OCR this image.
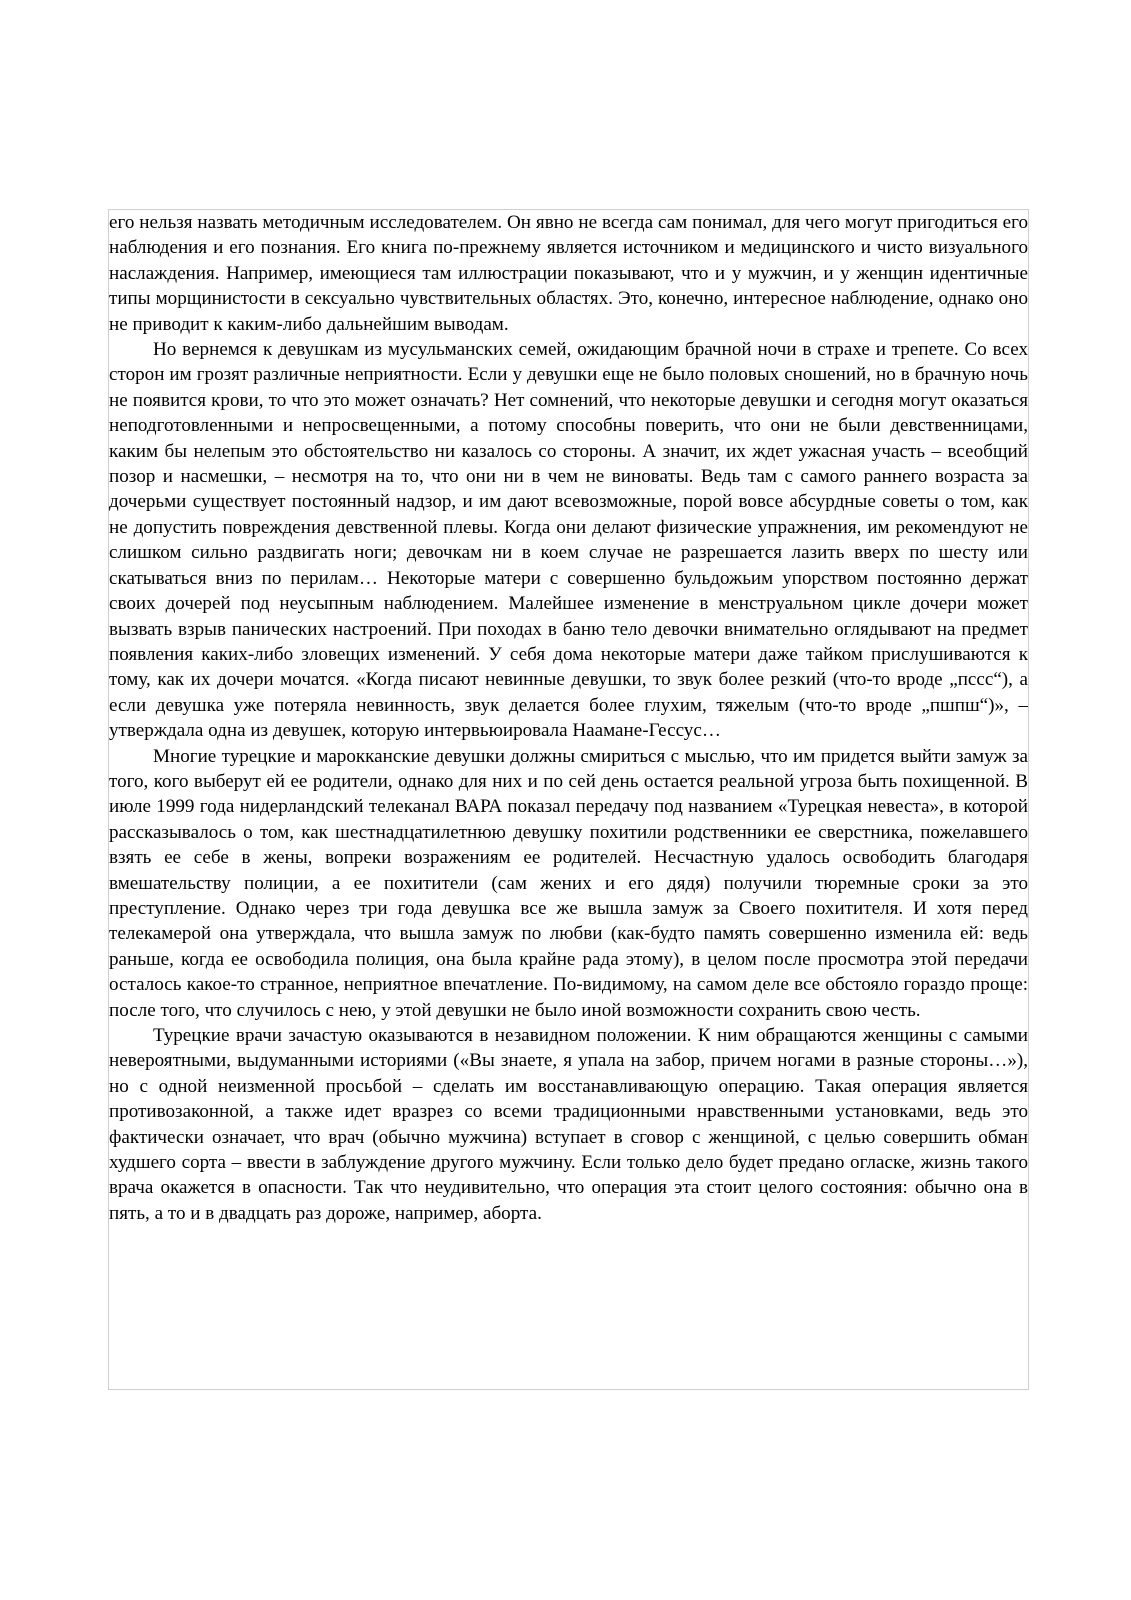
его нельзя назвать методичным исследователем. Он явно не всегда сам понимал, для чего могут пригодиться его наблюдения и его познания. Его книга по-прежнему является источником и медицинского и чисто визуального наслаждения. Например, имеющиеся там иллюстрации показывают, что и у мужчин, и у женщин идентичные типы морщинистости в сексуально чувствительных областях. Это, конечно, интересное наблюдение, однако оно не приводит к каким-либо дальнейшим выводам.

Но вернемся к девушкам из мусульманских семей, ожидающим брачной ночи в страхе и трепете. Со всех сторон им грозят различные неприятности. Если у девушки еще не было половых сношений, но в брачную ночь не появится крови, то что это может означать? Нет сомнений, что некоторые девушки и сегодня могут оказаться неподготовленными и непросвещенными, а потому способны поверить, что они не были девственницами, каким бы нелепым это обстоятельство ни казалось со стороны. А значит, их ждет ужасная участь – всеобщий позор и насмешки, – несмотря на то, что они ни в чем не виноваты. Ведь там с самого раннего возраста за дочерьми существует постоянный надзор, и им дают всевозможные, порой вовсе абсурдные советы о том, как не допустить повреждения девственной плевы. Когда они делают физические упражнения, им рекомендуют не слишком сильно раздвигать ноги; девочкам ни в коем случае не разрешается лазить вверх по шесту или скатываться вниз по перилам… Некоторые матери с совершенно бульдожьим упорством постоянно держат своих дочерей под неусыпным наблюдением. Малейшее изменение в менструальном цикле дочери может вызвать взрыв панических настроений. При походах в баню тело девочки внимательно оглядывают на предмет появления каких-либо зловещих изменений. У себя дома некоторые матери даже тайком прислушиваются к тому, как их дочери мочатся. «Когда писают невинные девушки, то звук более резкий (что-то вроде „пссс“), а если девушка уже потеряла невинность, звук делается более глухим, тяжелым (что-то вроде „пшпш“)», – утверждала одна из девушек, которую интервьюировала Наамане-Гессус…

Многие турецкие и марокканские девушки должны смириться с мыслью, что им придется выйти замуж за того, кого выберут ей ее родители, однако для них и по сей день остается реальной угроза быть похищенной. В июле 1999 года нидерландский телеканал ВАРА показал передачу под названием «Турецкая невеста», в которой рассказывалось о том, как шестнадцатилетнюю девушку похитили родственники ее сверстника, пожелавшего взять ее себе в жены, вопреки возражениям ее родителей. Несчастную удалось освободить благодаря вмешательству полиции, а ее похитители (сам жених и его дядя) получили тюремные сроки за это преступление. Однако через три года девушка все же вышла замуж за Своего похитителя. И хотя перед телекамерой она утверждала, что вышла замуж по любви (как-будто память совершенно изменила ей: ведь раньше, когда ее освободила полиция, она была крайне рада этому), в целом после просмотра этой передачи осталось какое-то странное, неприятное впечатление. По-видимому, на самом деле все обстояло гораздо проще: после того, что случилось с нею, у этой девушки не было иной возможности сохранить свою честь.

Турецкие врачи зачастую оказываются в незавидном положении. К ним обращаются женщины с самыми невероятными, выдуманными историями («Вы знаете, я упала на забор, причем ногами в разные стороны…»), но с одной неизменной просьбой – сделать им восстанавливающую операцию. Такая операция является противозаконной, а также идет вразрез со всеми традиционными нравственными установками, ведь это фактически означает, что врач (обычно мужчина) вступает в сговор с женщиной, с целью совершить обман худшего сорта – ввести в заблуждение другого мужчину. Если только дело будет предано огласке, жизнь такого врача окажется в опасности. Так что неудивительно, что операция эта стоит целого состояния: обычно она в пять, а то и в двадцать раз дороже, например, аборта.
